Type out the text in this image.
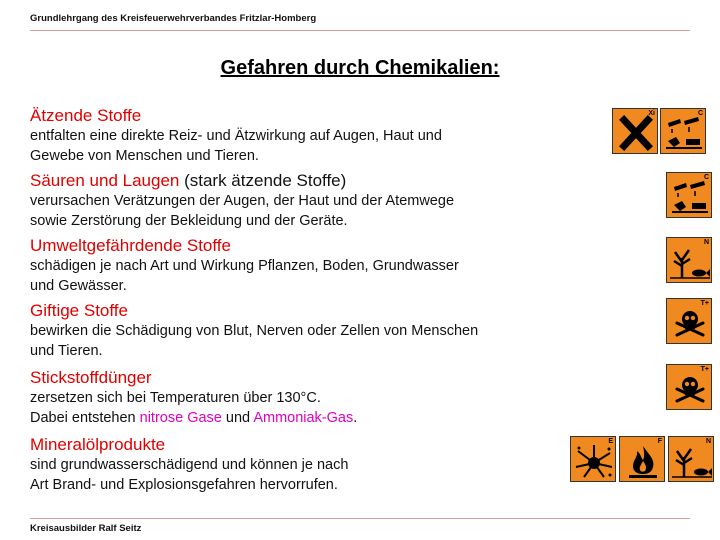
Grundlehrgang des Kreisfeuerwehrverbandes Fritzlar-Homberg
Gefahren durch Chemikalien:
Ätzende Stoffe
entfalten eine direkte Reiz- und Ätzwirkung auf Augen, Haut und
Gewebe von Menschen und Tieren.
Säuren und Laugen (stark ätzende Stoffe)
verursachen Verätzungen der Augen, der Haut und der Atemwege
sowie Zerstörung der Bekleidung und der Geräte.
Umweltgefährdende Stoffe
schädigen je nach Art und Wirkung Pflanzen, Boden, Grundwasser
und Gewässer.
Giftige Stoffe
bewirken die Schädigung von Blut, Nerven oder Zellen von Menschen
und Tieren.
Stickstoffdünger
zersetzen sich bei Temperaturen über 130°C.
Dabei entstehen nitrose Gase und Ammoniak-Gas.
Mineralölprodukte
sind grundwasserschädigend und können je nach
Art Brand- und Explosionsgefahren hervorrufen.
Xi	C
C
N
T+
T+
E	F	N
Kreisausbilder Ralf Seitz
